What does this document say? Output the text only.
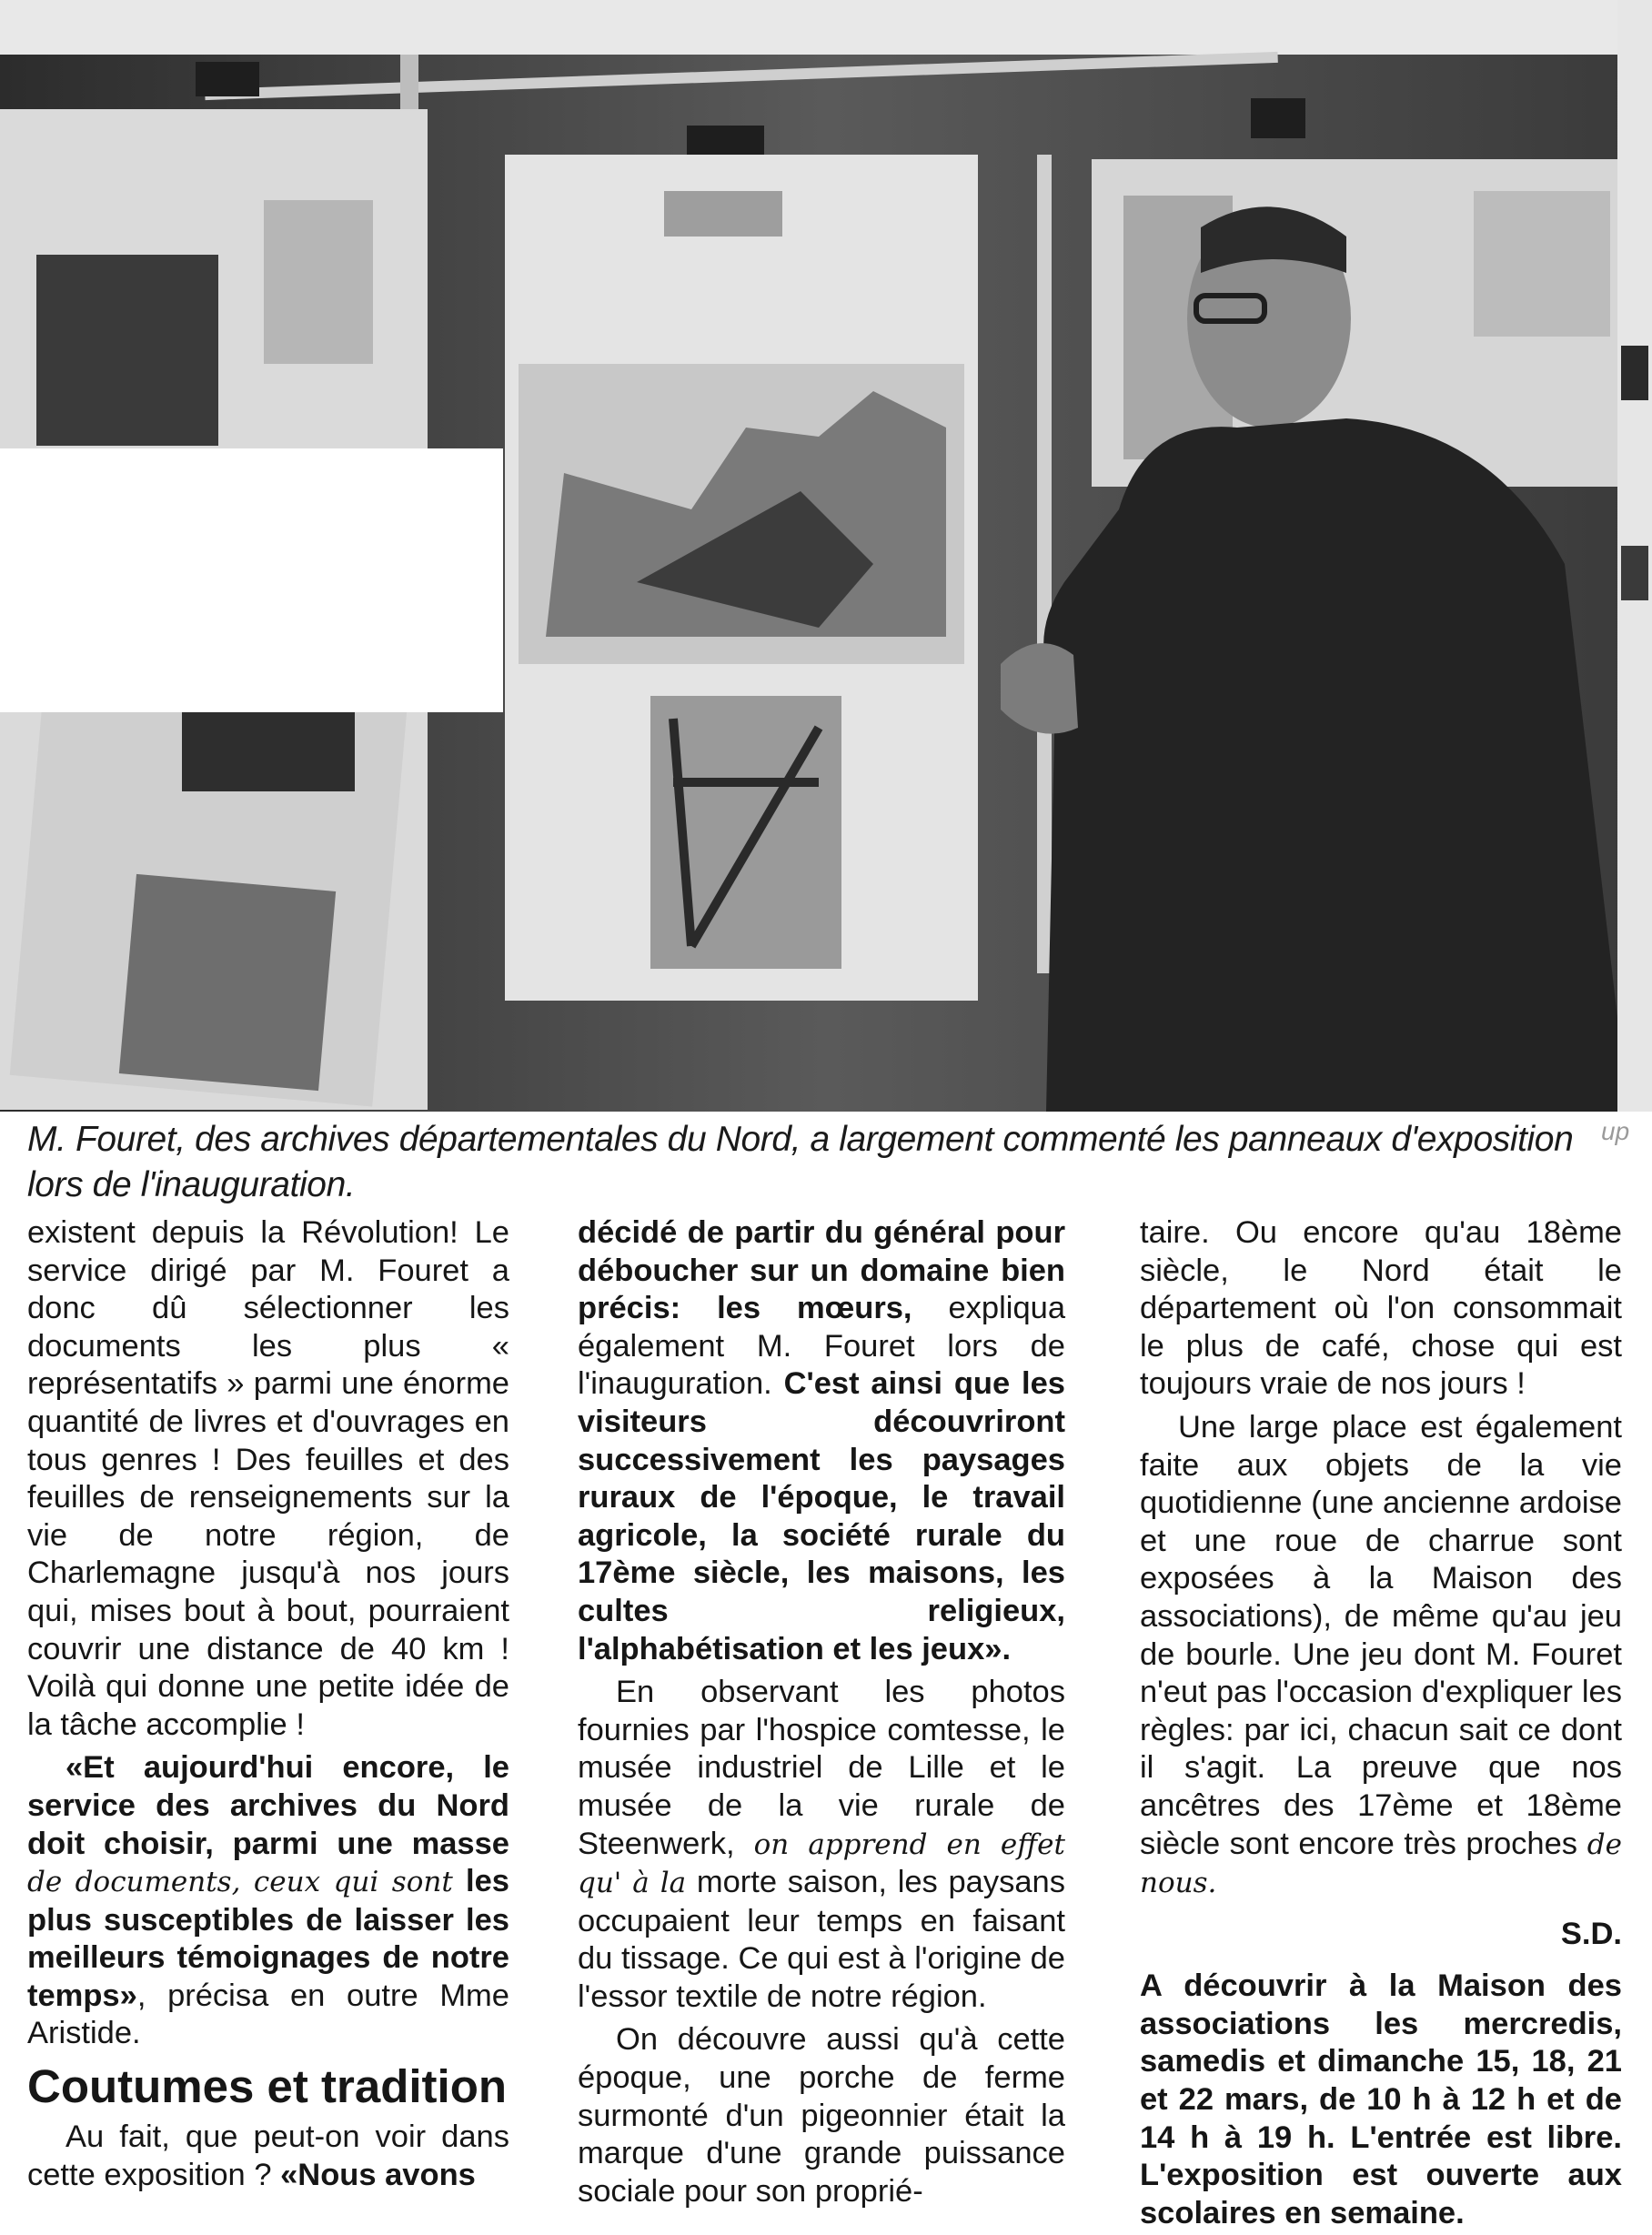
M. Fouret, des archives départementales du Nord, a largement commenté les panneaux d'exposition lors de l'inauguration.
up

existent depuis la Révolution! Le service dirigé par M. Fouret a donc dû sélectionner les documents les plus « représentatifs » parmi une énorme quantité de livres et d'ouvrages en tous genres ! Des feuilles et des feuilles de renseignements sur la vie de notre région, de Charlemagne jusqu'à nos jours qui, mises bout à bout, pourraient couvrir une distance de 40 km ! Voilà qui donne une petite idée de la tâche accomplie !

«Et aujourd'hui encore, le service des archives du Nord doit choisir, parmi une masse de documents, ceux qui sont les plus susceptibles de laisser les meilleurs témoignages de notre temps», précisa en outre Mme Aristide.

Coutumes et tradition

Au fait, que peut-on voir dans cette exposition ? «Nous avons

décidé de partir du général pour déboucher sur un domaine bien précis: les mœurs, expliqua également M. Fouret lors de l'inauguration. C'est ainsi que les visiteurs découvriront successivement les paysages ruraux de l'époque, le travail agricole, la société rurale du 17ème siècle, les maisons, les cultes religieux, l'alphabétisation et les jeux».

En observant les photos fournies par l'hospice comtesse, le musée industriel de Lille et le musée de la vie rurale de Steenwerk, on apprend en effet qu' à la morte saison, les paysans occupaient leur temps en faisant du tissage. Ce qui est à l'origine de l'essor textile de notre région.

On découvre aussi qu'à cette époque, une porche de ferme surmonté d'un pigeonnier était la marque d'une grande puissance sociale pour son proprié-

taire. Ou encore qu'au 18ème siècle, le Nord était le département où l'on consommait le plus de café, chose qui est toujours vraie de nos jours !

Une large place est également faite aux objets de la vie quotidienne (une ancienne ardoise et une roue de charrue sont exposées à la Maison des associations), de même qu'au jeu de bourle. Une jeu dont M. Fouret n'eut pas l'occasion d'expliquer les règles: par ici, chacun sait ce dont il s'agit. La preuve que nos ancêtres des 17ème et 18ème siècle sont encore très proches de nous.

S.D.

A découvrir à la Maison des associations les mercredis, samedis et dimanche 15, 18, 21 et 22 mars, de 10 h à 12 h et de 14 h à 19 h. L'entrée est libre. L'exposition est ouverte aux scolaires en semaine.
